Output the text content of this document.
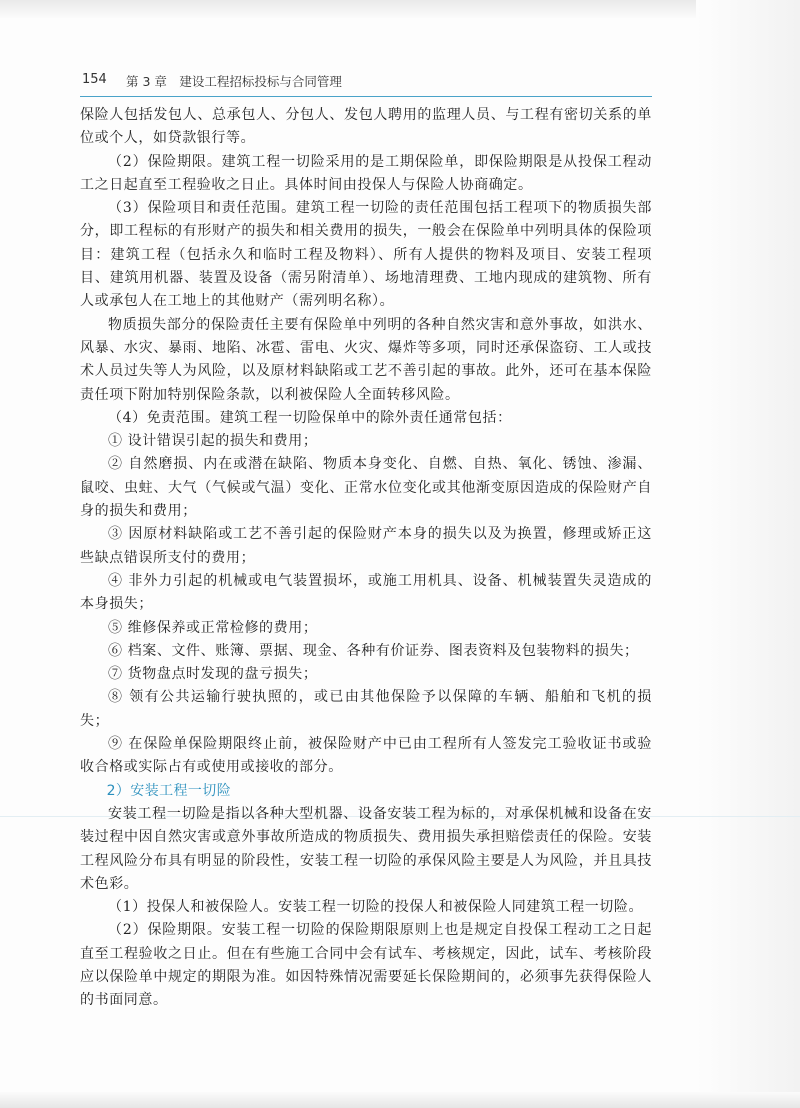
154 第 3 章　建设工程招标投标与合同管理

保险人包括发包人、总承包人、分包人、发包人聘用的监理人员、与工程有密切关系的单位或个人，如贷款银行等。

（2）保险期限。建筑工程一切险采用的是工期保险单，即保险期限是从投保工程动工之日起直至工程验收之日止。具体时间由投保人与保险人协商确定。

（3）保险项目和责任范围。建筑工程一切险的责任范围包括工程项下的物质损失部分，即工程标的有形财产的损失和相关费用的损失，一般会在保险单中列明具体的保险项目：建筑工程（包括永久和临时工程及物料）、所有人提供的物料及项目、安装工程项目、建筑用机器、装置及设备（需另附清单）、场地清理费、工地内现成的建筑物、所有人或承包人在工地上的其他财产（需列明名称）。

物质损失部分的保险责任主要有保险单中列明的各种自然灾害和意外事故，如洪水、风暴、水灾、暴雨、地陷、冰雹、雷电、火灾、爆炸等多项，同时还承保盗窃、工人或技术人员过失等人为风险，以及原材料缺陷或工艺不善引起的事故。此外，还可在基本保险责任项下附加特别保险条款，以利被保险人全面转移风险。

（4）免责范围。建筑工程一切险保单中的除外责任通常包括：

① 设计错误引起的损失和费用；

② 自然磨损、内在或潜在缺陷、物质本身变化、自燃、自热、氧化、锈蚀、渗漏、鼠咬、虫蛀、大气（气候或气温）变化、正常水位变化或其他渐变原因造成的保险财产自身的损失和费用；

③ 因原材料缺陷或工艺不善引起的保险财产本身的损失以及为换置，修理或矫正这些缺点错误所支付的费用；

④ 非外力引起的机械或电气装置损坏，或施工用机具、设备、机械装置失灵造成的本身损失；

⑤ 维修保养或正常检修的费用；

⑥ 档案、文件、账簿、票据、现金、各种有价证券、图表资料及包装物料的损失；

⑦ 货物盘点时发现的盘亏损失；

⑧ 领有公共运输行驶执照的，或已由其他保险予以保障的车辆、船舶和飞机的损失；

⑨ 在保险单保险期限终止前，被保险财产中已由工程所有人签发完工验收证书或验收合格或实际占有或使用或接收的部分。

2）安装工程一切险

安装工程一切险是指以各种大型机器、设备安装工程为标的，对承保机械和设备在安装过程中因自然灾害或意外事故所造成的物质损失、费用损失承担赔偿责任的保险。安装工程风险分布具有明显的阶段性，安装工程一切险的承保风险主要是人为风险，并且具技术色彩。

（1）投保人和被保险人。安装工程一切险的投保人和被保险人同建筑工程一切险。

（2）保险期限。安装工程一切险的保险期限原则上也是规定自投保工程动工之日起直至工程验收之日止。但在有些施工合同中会有试车、考核规定，因此，试车、考核阶段应以保险单中规定的期限为准。如因特殊情况需要延长保险期间的，必须事先获得保险人的书面同意。
